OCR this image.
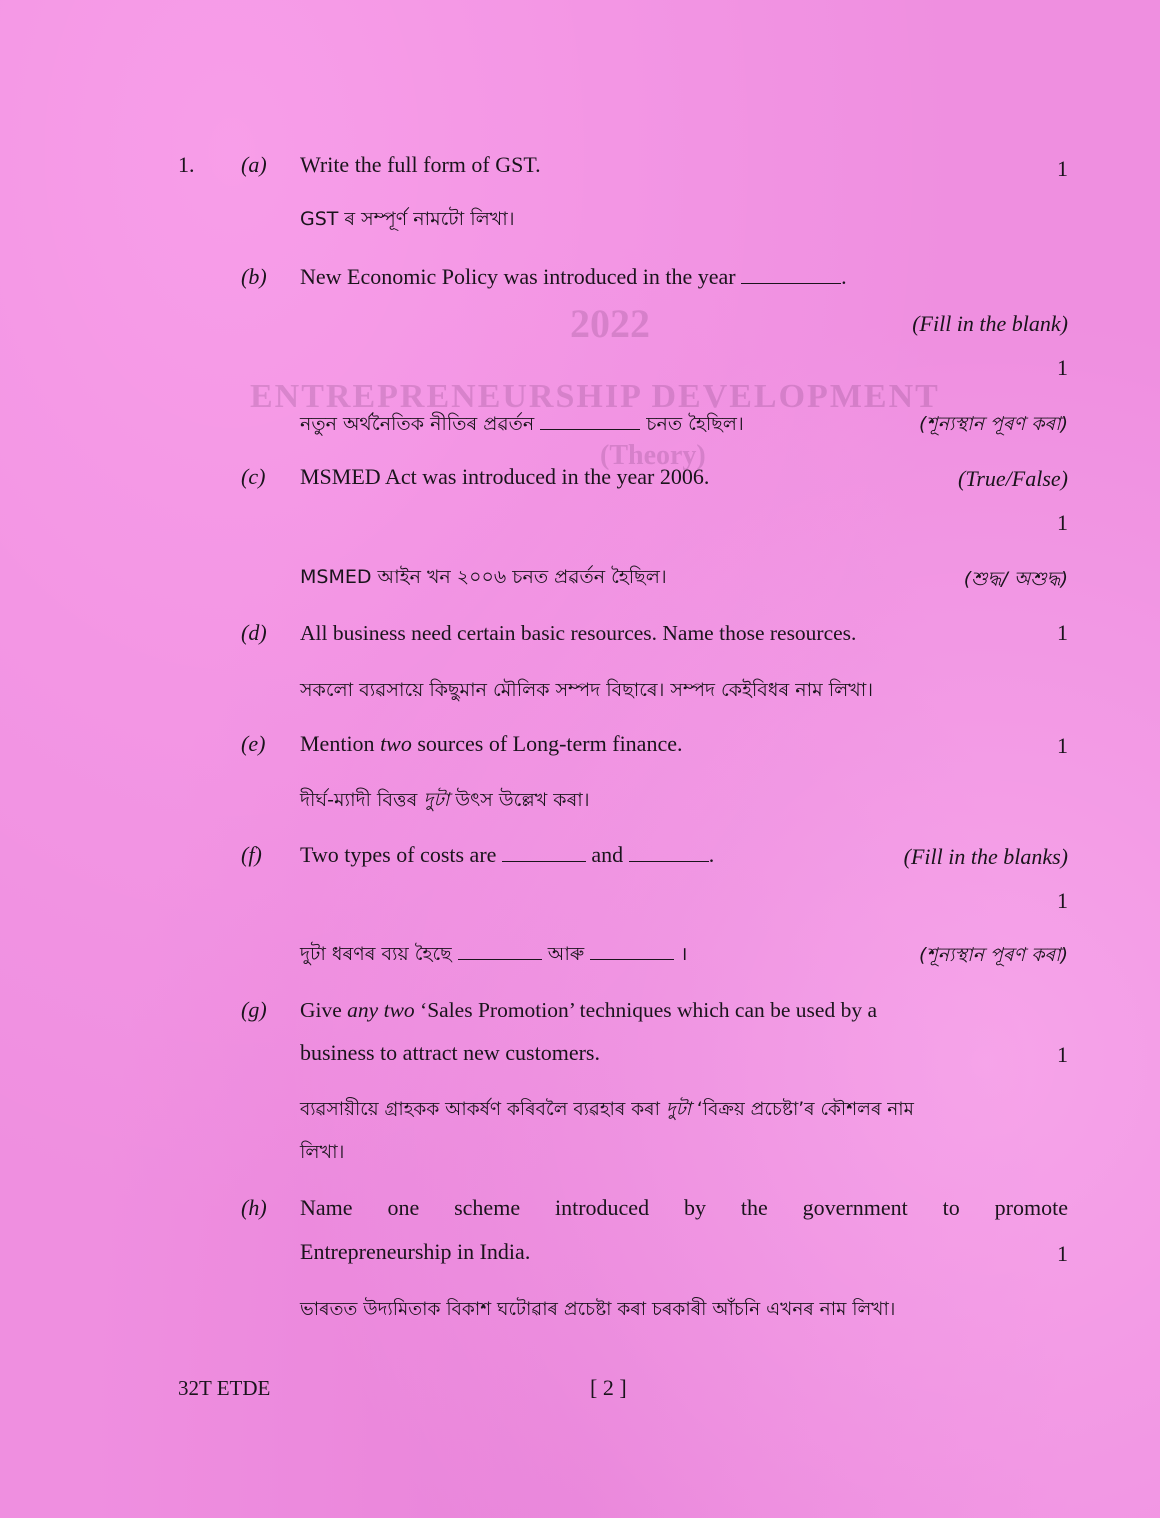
2022
ENTREPRENEURSHIP DEVELOPMENT
(Theory)
1. (a) Write the full form of GST.	1
GST ৰ সম্পূৰ্ণ নামটো লিখা।
(b) New Economic Policy was introduced in the year	.
(Fill in the blank)
1
নতুন অৰ্থনৈতিক নীতিৰ প্ৰৱৰ্তন	চনত হৈছিল।	(শূন্যস্থান পূৰণ কৰা)
(c) MSMED Act was introduced in the year 2006.	(True/False)
1
MSMED আইন খন ২০০৬ চনত প্ৰৱৰ্তন হৈছিল।	(শুদ্ধ/ অশুদ্ধ)
(d) All business need certain basic resources. Name those resources.	1
সকলো ব্যৱসায়ে কিছুমান মৌলিক সম্পদ বিছাৰে। সম্পদ কেইবিধৰ নাম লিখা।
(e) Mention two sources of Long-term finance.	1
দীৰ্ঘ-ম্যাদী বিত্তৰ দুটা উৎস উল্লেখ কৰা।
(f) Two types of costs are	and	.	(Fill in the blanks)
1
দুটা ধৰণৰ ব্যয় হৈছে	আৰু	।	(শূন্যস্থান পূৰণ কৰা)
(g) Give any two ‘Sales Promotion’ techniques which can be used by a
business to attract new customers.	1
ব্যৱসায়ীয়ে গ্ৰাহকক আকৰ্ষণ কৰিবলৈ ব্যৱহাৰ কৰা দুটা ‘বিক্ৰয় প্ৰচেষ্টা’ৰ কৌশলৰ নাম
লিখা।
(h) Name one scheme introduced by the government to promote
Entrepreneurship in India.	1
ভাৰতত উদ্যমিতাক বিকাশ ঘটোৱাৰ প্ৰচেষ্টা কৰা চৰকাৰী আঁচনি এখনৰ নাম লিখা।
32T ETDE	[ 2 ]
